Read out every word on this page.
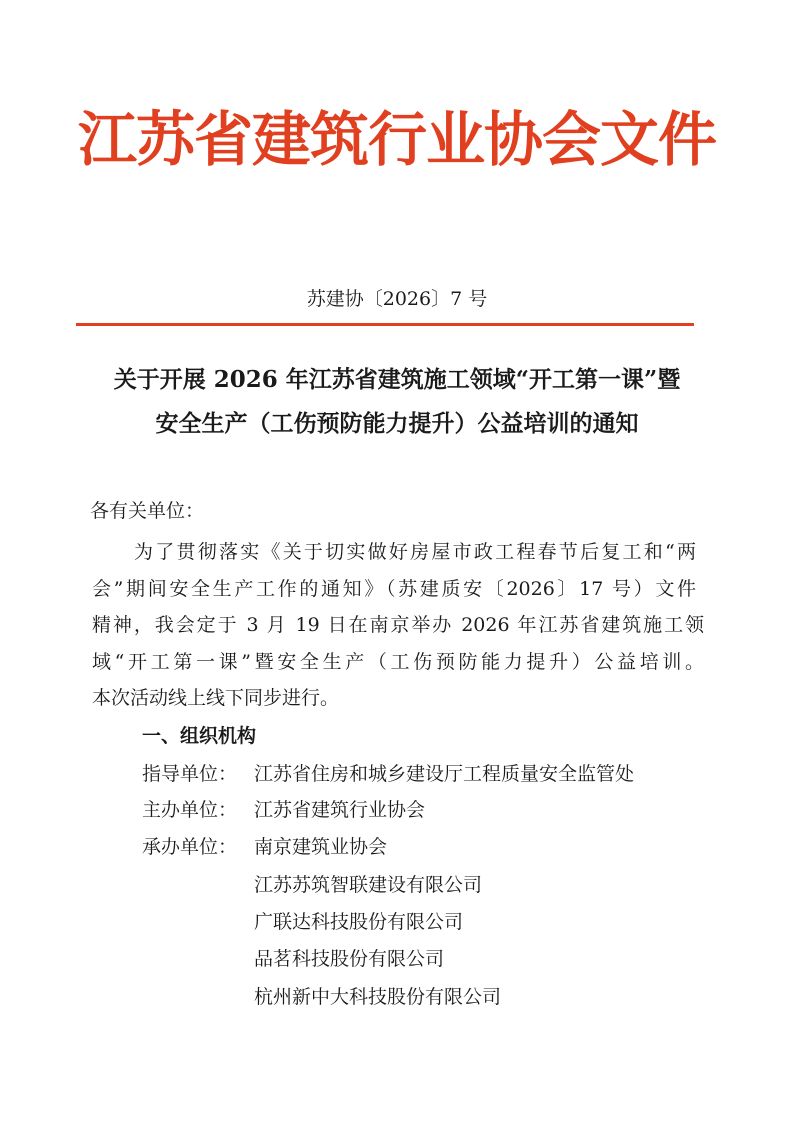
江苏省建筑行业协会文件
苏建协〔2026〕7 号
关于开展 2026 年江苏省建筑施工领域“开工第一课”暨
安全生产（工伤预防能力提升）公益培训的通知
各有关单位：
为了贯彻落实《关于切实做好房屋市政工程春节后复工和“两
会”期间安全生产工作的通知》（苏建质安〔2026〕17 号）文件
精神，我会定于 3 月 19 日在南京举办 2026 年江苏省建筑施工领
域“开工第一课”暨安全生产（工伤预防能力提升）公益培训。
本次活动线上线下同步进行。
一、组织机构
指导单位： 江苏省住房和城乡建设厅工程质量安全监管处
主办单位： 江苏省建筑行业协会
承办单位： 南京建筑业协会
江苏苏筑智联建设有限公司
广联达科技股份有限公司
品茗科技股份有限公司
杭州新中大科技股份有限公司
